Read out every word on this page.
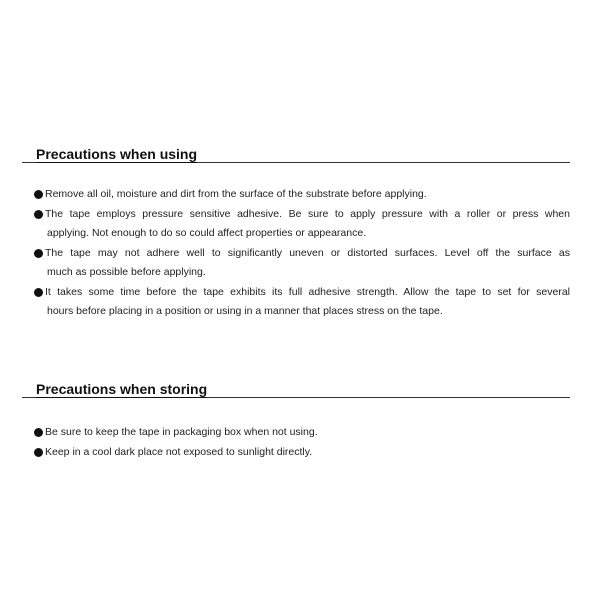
Precautions when using
Remove all oil, moisture and dirt from the surface of the substrate before applying.
The tape employs pressure sensitive adhesive. Be sure to apply pressure with a roller or press when
applying. Not enough to do so could affect properties or appearance.
The tape may not adhere well to significantly uneven or distorted surfaces. Level off the surface as
much as possible before applying.
It takes some time before the tape exhibits its full adhesive strength. Allow the tape to set for several
hours before placing in a position or using in a manner that places stress on the tape.
Precautions when storing
Be sure to keep the tape in packaging box when not using.
Keep in a cool dark place not exposed to sunlight directly.
